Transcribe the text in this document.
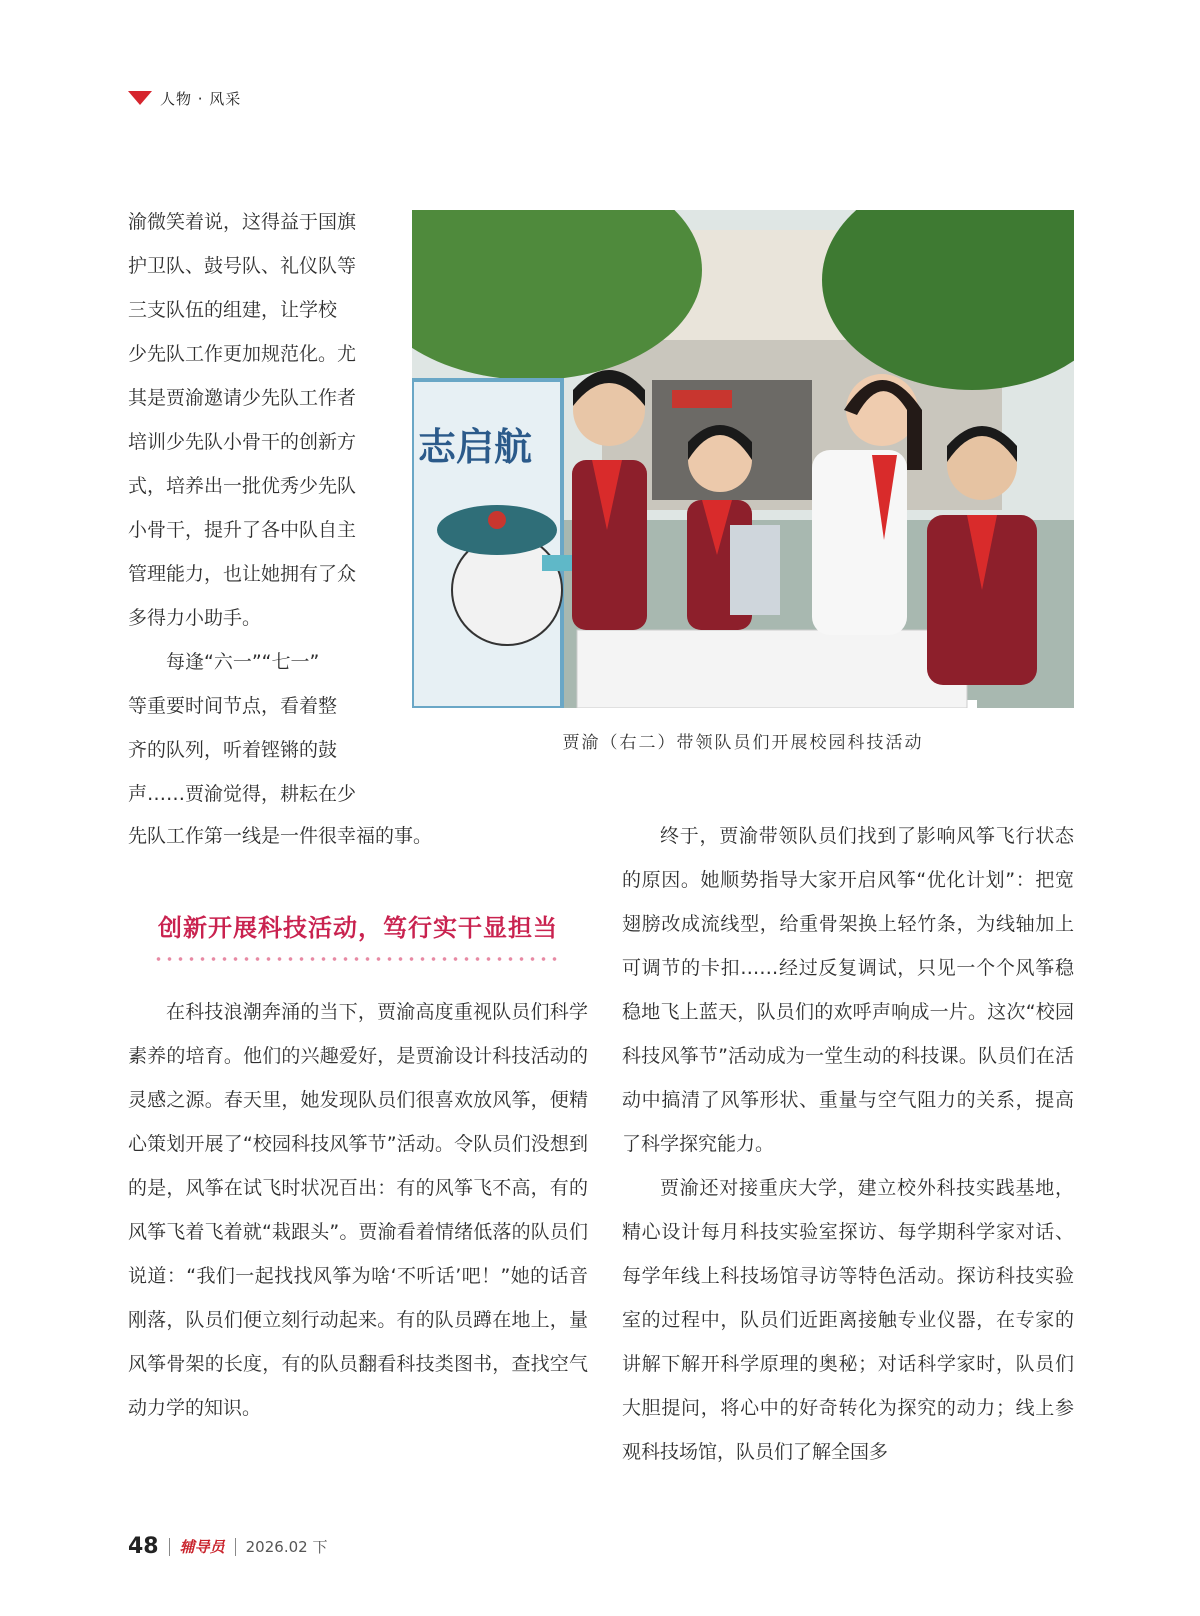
人物 · 风采

渝微笑着说，这得益于国旗

护卫队、鼓号队、礼仪队等

三支队伍的组建，让学校

少先队工作更加规范化。尤

其是贾渝邀请少先队工作者

培训少先队小骨干的创新方

式，培养出一批优秀少先队

小骨干，提升了各中队自主

管理能力，也让她拥有了众

多得力小助手。

每逢“六一”“七一”

等重要时间节点，看着整

齐的队列，听着铿锵的鼓

声……贾渝觉得，耕耘在少

先队工作第一线是一件很幸福的事。

志启航
贾渝（右二）带领队员们开展校园科技活动
创新开展科技活动，笃行实干显担当

在科技浪潮奔涌的当下，贾渝高度重视队员们科学素养的培育。他们的兴趣爱好，是贾渝设计科技活动的灵感之源。春天里，她发现队员们很喜欢放风筝，便精心策划开展了“校园科技风筝节”活动。令队员们没想到的是，风筝在试飞时状况百出：有的风筝飞不高，有的风筝飞着飞着就“栽跟头”。贾渝看着情绪低落的队员们说道：“我们一起找找风筝为啥‘不听话’吧！”她的话音刚落，队员们便立刻行动起来。有的队员蹲在地上，量风筝骨架的长度，有的队员翻看科技类图书，查找空气动力学的知识。

终于，贾渝带领队员们找到了影响风筝飞行状态的原因。她顺势指导大家开启风筝“优化计划”：把宽翅膀改成流线型，给重骨架换上轻竹条，为线轴加上可调节的卡扣……经过反复调试，只见一个个风筝稳稳地飞上蓝天，队员们的欢呼声响成一片。这次“校园科技风筝节”活动成为一堂生动的科技课。队员们在活动中搞清了风筝形状、重量与空气阻力的关系，提高了科学探究能力。

贾渝还对接重庆大学，建立校外科技实践基地，精心设计每月科技实验室探访、每学期科学家对话、每学年线上科技场馆寻访等特色活动。探访科技实验室的过程中，队员们近距离接触专业仪器，在专家的讲解下解开科学原理的奥秘；对话科学家时，队员们大胆提问，将心中的好奇转化为探究的动力；线上参观科技场馆，队员们了解全国多

48 辅导员 2026.02 下
